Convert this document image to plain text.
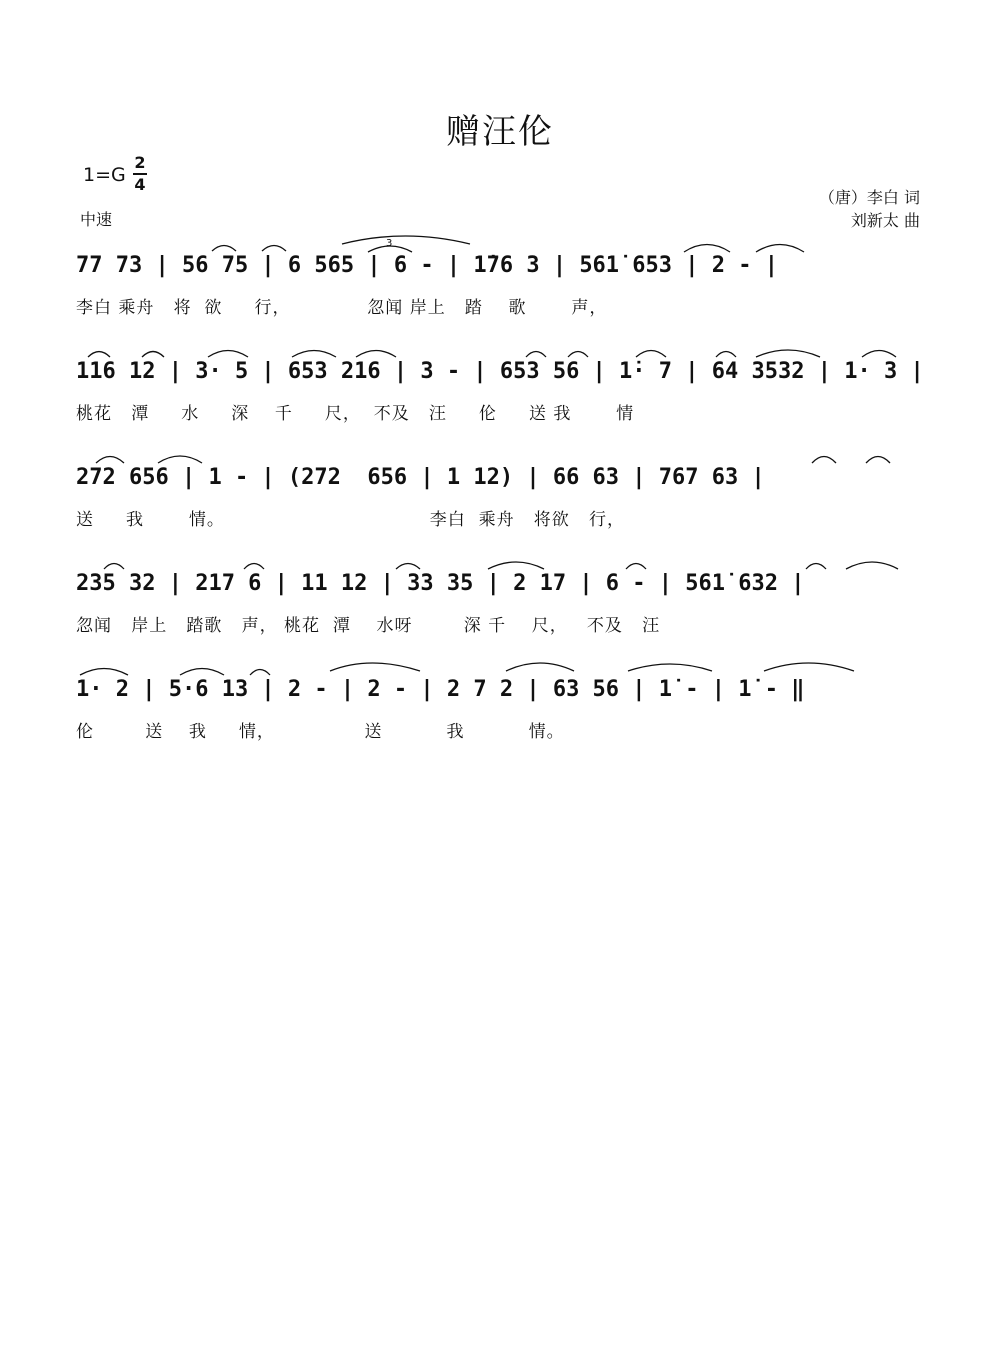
赠汪伦
1=G
2
4
中速
（唐）李白 词
刘新太 曲
77 73 | 56 75 | 6 565 | 6 - | 1̇76 3 | 561̇ 653 | 2 - |
李白 乘舟   将  欲     行，            忽闻 岸上   踏    歌       声，
116 12 | 3· 5 | 653 216 | 3 - | 653 56 | 1̇· 7 | 64 3532 | 1· 3 |
桃花   潭     水     深    千     尺，  不及   汪     伦     送 我       情
272 656 | 1 - | (272  656 | 1 12) | 66 63 | 767 63 |
送     我       情。                                李白  乘舟   将欲   行，
235 32 | 217 6 | 11 12 | 33 35 | 2 17 | 6 - | 561̇ 632 |
忽闻   岸上   踏歌   声， 桃花  潭    水呀        深 千    尺，   不及   汪
1· 2 | 5·6 13 | 2 - | 2 - | 2 7 2 | 63 56 | 1̇ - | 1̇ - ‖
伦        送    我     情，              送          我          情。
3
